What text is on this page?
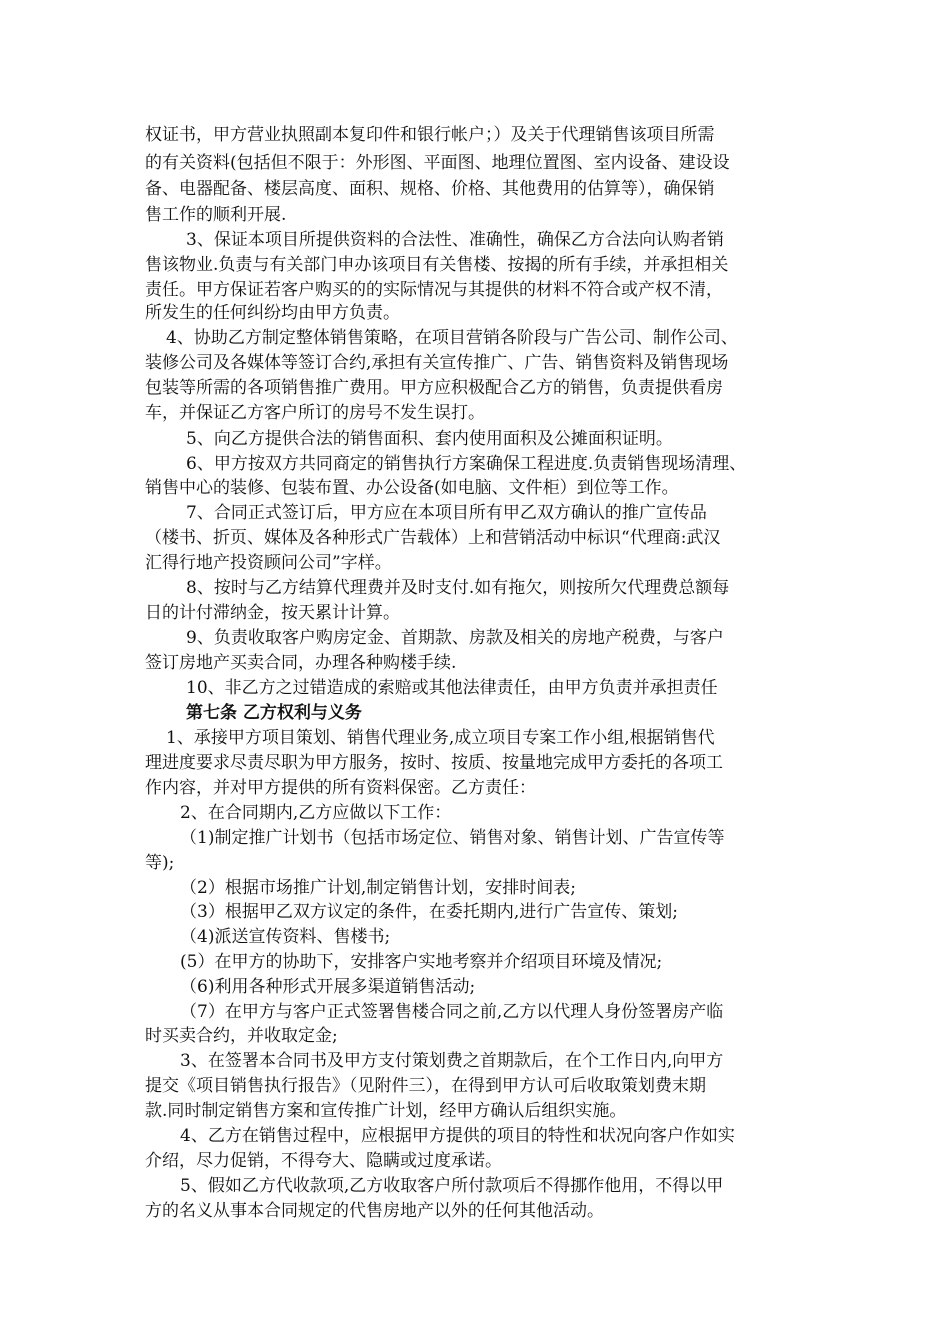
权证书，甲方营业执照副本复印件和银行帐户；）及关于代理销售该项目所需
的有关资料(包括但不限于：外形图、平面图、地理位置图、室内设备、建设设
备、电器配备、楼层高度、面积、规格、价格、其他费用的估算等），确保销
售工作的顺利开展.
3、保证本项目所提供资料的合法性、准确性，确保乙方合法向认购者销
售该物业.负责与有关部门申办该项目有关售楼、按揭的所有手续，并承担相关
责任。甲方保证若客户购买的的实际情况与其提供的材料不符合或产权不清，
所发生的任何纠纷均由甲方负责。
4、协助乙方制定整体销售策略，在项目营销各阶段与广告公司、制作公司、
装修公司及各媒体等签订合约,承担有关宣传推广、广告、销售资料及销售现场
包装等所需的各项销售推广费用。甲方应积极配合乙方的销售，负责提供看房
车，并保证乙方客户所订的房号不发生误打。
5、向乙方提供合法的销售面积、套内使用面积及公摊面积证明。
6、甲方按双方共同商定的销售执行方案确保工程进度.负责销售现场清理、
销售中心的装修、包装布置、办公设备(如电脑、文件柜）到位等工作。
7、合同正式签订后，甲方应在本项目所有甲乙双方确认的推广宣传品
（楼书、折页、媒体及各种形式广告载体）上和营销活动中标识“代理商:武汉
汇得行地产投资顾问公司”字样。
8、按时与乙方结算代理费并及时支付.如有拖欠，则按所欠代理费总额每
日的计付滞纳金，按天累计计算。
9、负责收取客户购房定金、首期款、房款及相关的房地产税费，与客户
签订房地产买卖合同，办理各种购楼手续.
10、非乙方之过错造成的索赔或其他法律责任，由甲方负责并承担责任
第七条 乙方权利与义务
1、承接甲方项目策划、销售代理业务,成立项目专案工作小组,根据销售代
理进度要求尽责尽职为甲方服务，按时、按质、按量地完成甲方委托的各项工
作内容，并对甲方提供的所有资料保密。乙方责任：
2、在合同期内,乙方应做以下工作：
（1)制定推广计划书（包括市场定位、销售对象、销售计划、广告宣传等
等);
（2）根据市场推广计划,制定销售计划，安排时间表;
（3）根据甲乙双方议定的条件，在委托期内,进行广告宣传、策划;
（4)派送宣传资料、售楼书;
(5）在甲方的协助下，安排客户实地考察并介绍项目环境及情况;
（6)利用各种形式开展多渠道销售活动;
（7）在甲方与客户正式签署售楼合同之前,乙方以代理人身份签署房产临
时买卖合约，并收取定金;
3、在签署本合同书及甲方支付策划费之首期款后，在个工作日内,向甲方
提交《项目销售执行报告》（见附件三），在得到甲方认可后收取策划费末期
款.同时制定销售方案和宣传推广计划，经甲方确认后组织实施。
4、乙方在销售过程中，应根据甲方提供的项目的特性和状况向客户作如实
介绍，尽力促销，不得夸大、隐瞒或过度承诺。
5、假如乙方代收款项,乙方收取客户所付款项后不得挪作他用，不得以甲
方的名义从事本合同规定的代售房地产以外的任何其他活动。
